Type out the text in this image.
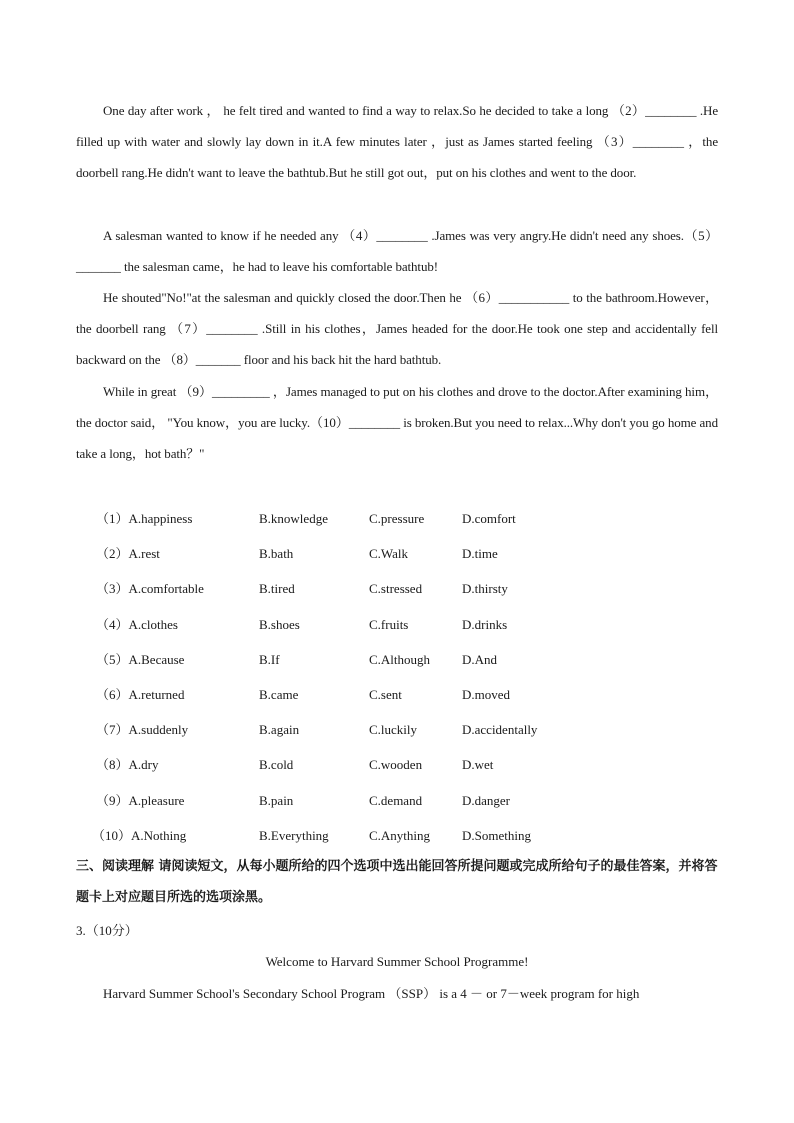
One day after work ， he felt tired and wanted to find a way to relax.So he decided to take a long （2）________ .He filled up with water and slowly lay down in it.A few minutes later ，just as James started feeling （3）________ ，the doorbell rang.He didn't want to leave the bathtub.But he still got out，put on his clothes and went to the door.
A salesman wanted to know if he needed any （4）________ .James was very angry.He didn't need any shoes.（5）_______ the salesman came，he had to leave his comfortable bathtub!
He shouted"No!"at the salesman and quickly closed the door.Then he （6）___________ to the bathroom.However，the doorbell rang （7）________ .Still in his clothes，James headed for the door.He took one step and accidentally fell backward on the （8）_______ floor and his back hit the hard bathtub.
While in great （9）_________ ，James managed to put on his clothes and drove to the doctor.After examining him，the doctor said， "You know，you are lucky.（10）________ is broken.But you need to relax...Why don't you go home and take a long，hot bath？"
（1）A.happiness	B.knowledge	C.pressure	D.comfort
（2）A.rest	B.bath	C.Walk	D.time
（3）A.comfortable	B.tired	C.stressed	D.thirsty
（4）A.clothes	B.shoes	C.fruits	D.drinks
（5）A.Because	B.If	C.Although D.And
（6）A.returned	B.came	C.sent	D.moved
（7）A.suddenly	B.again	C.luckily	D.accidentally
（8）A.dry	B.cold	C.wooden	D.wet
（9）A.pleasure	B.pain	C.demand	D.danger
（10）A.Nothing	B.Everything	C.Anything D.Something
三、阅读理解 请阅读短文，从每小题所给的四个选项中选出能回答所提问题或完成所给句子的最佳答案，并将答题卡上对应题目所选的选项涂黑。
3.（10分）
Welcome to Harvard Summer School Programme!
Harvard Summer School's Secondary School Program （SSP） is a 4 － or 7－week program for high
